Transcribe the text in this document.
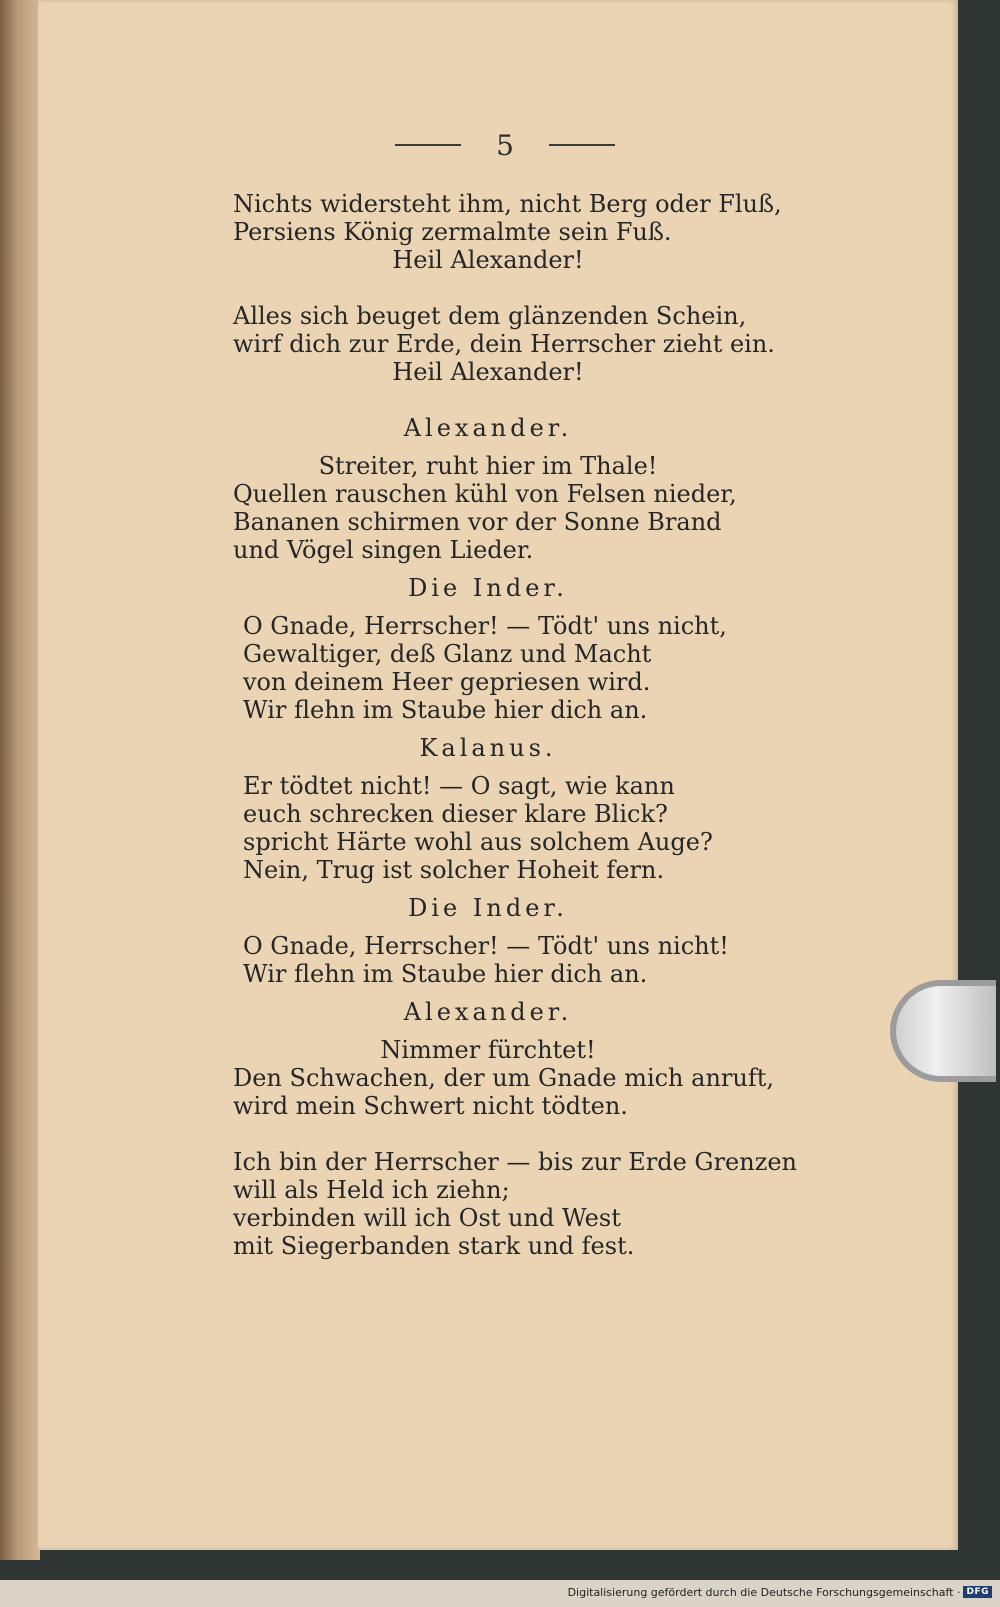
5
Nichts widersteht ihm, nicht Berg oder Fluß,
Persiens König zermalmte sein Fuß.
Heil Alexander!
Alles sich beuget dem glänzenden Schein,
wirf dich zur Erde, dein Herrscher zieht ein.
Heil Alexander!
Alexander.
Streiter, ruht hier im Thale!
Quellen rauschen kühl von Felsen nieder,
Bananen schirmen vor der Sonne Brand
und Vögel singen Lieder.
Die Inder.
O Gnade, Herrscher! — Tödt' uns nicht,
Gewaltiger, deß Glanz und Macht
von deinem Heer gepriesen wird.
Wir flehn im Staube hier dich an.
Kalanus.
Er tödtet nicht! — O sagt, wie kann
euch schrecken dieser klare Blick?
spricht Härte wohl aus solchem Auge?
Nein, Trug ist solcher Hoheit fern.
Die Inder.
O Gnade, Herrscher! — Tödt' uns nicht!
Wir flehn im Staube hier dich an.
Alexander.
Nimmer fürchtet!
Den Schwachen, der um Gnade mich anruft,
wird mein Schwert nicht tödten.
Ich bin der Herrscher — bis zur Erde Grenzen
will als Held ich ziehn;
verbinden will ich Ost und West
mit Siegerbanden stark und fest.
Digitalisierung gefördert durch die Deutsche Forschungsgemeinschaft · DFG
